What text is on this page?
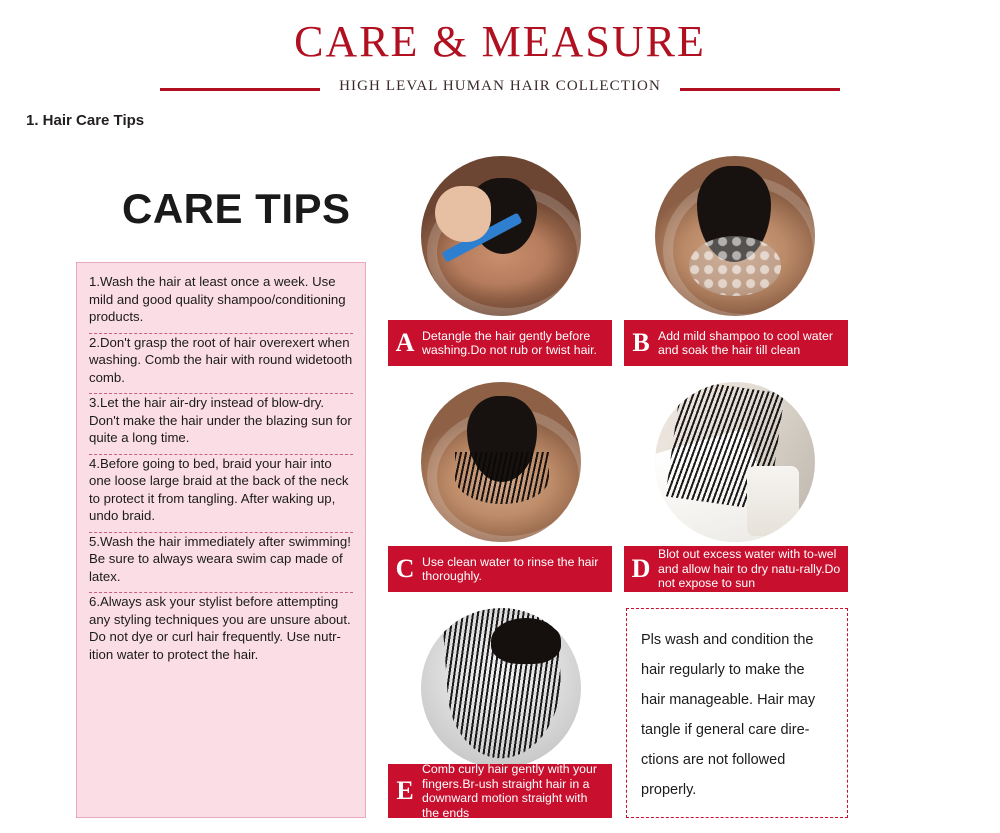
CARE & MEASURE
HIGH LEVAL HUMAN HAIR COLLECTION
1. Hair Care Tips
CARE TIPS
1.Wash the hair at least once a week. Use mild and good quality shampoo/conditioning products.
2.Don't grasp the root of hair overexert when washing. Comb the hair with round widetooth comb.
3.Let the hair air-dry instead of blow-dry. Don't make the hair under the blazing sun for quite a long time.
4.Before going to bed, braid your hair into one loose large braid at the back of the neck to protect it from tangling. After waking up, undo braid.
5.Wash the hair immediately after swimming! Be sure to always weara swim cap made of latex.
6.Always ask your stylist before attempting any styling techniques you are unsure about. Do not dye or curl hair frequently. Use nutr-ition water to protect the hair.
A Detangle the hair gently before washing.Do not rub or twist hair.	B Add mild shampoo to cool water and soak the hair till clean
C Use clean water to rinse the hair thoroughly.	D Blot out excess water with to-wel and allow hair to dry natu-rally.Do not expose to sun
E
Comb curly hair gently with your fingers.Br-ush straight hair in a downward motion straight with the ends
Pls wash and condition the
hair regularly to make the
hair manageable. Hair may
tangle if general care dire-
ctions are not followed
properly.
